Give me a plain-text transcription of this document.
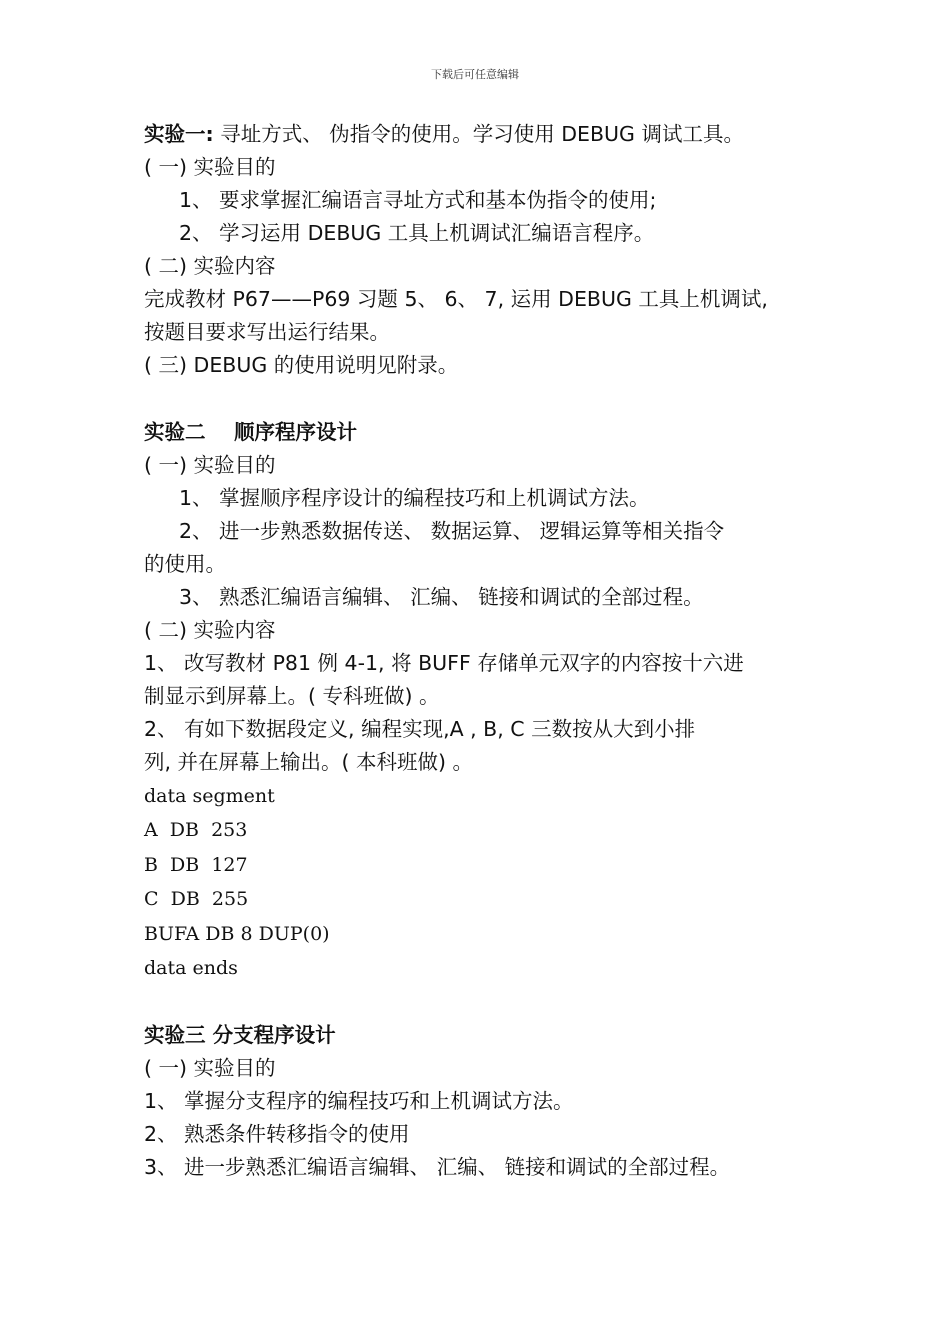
下载后可任意编辑
实验一: 寻址方式、 伪指令的使用。学习使用 DEBUG 调试工具。
( 一) 实验目的
1、 要求掌握汇编语言寻址方式和基本伪指令的使用;
2、 学习运用 DEBUG 工具上机调试汇编语言程序。
( 二) 实验内容
完成教材 P67——P69 习题 5、 6、 7, 运用 DEBUG 工具上机调试,
按题目要求写出运行结果。
( 三) DEBUG 的使用说明见附录。
实验二    顺序程序设计
( 一) 实验目的
1、 掌握顺序程序设计的编程技巧和上机调试方法。
2、 进一步熟悉数据传送、 数据运算、 逻辑运算等相关指令
的使用。
3、 熟悉汇编语言编辑、 汇编、 链接和调试的全部过程。
( 二) 实验内容
1、 改写教材 P81 例 4-1, 将 BUFF 存储单元双字的内容按十六进
制显示到屏幕上。( 专科班做) 。
2、 有如下数据段定义, 编程实现,A , B, C 三数按从大到小排
列, 并在屏幕上输出。( 本科班做) 。
data segment
A  DB  253
B  DB  127
C  DB  255
BUFA DB 8 DUP(0)
data ends
实验三 分支程序设计
( 一) 实验目的
1、 掌握分支程序的编程技巧和上机调试方法。
2、 熟悉条件转移指令的使用
3、 进一步熟悉汇编语言编辑、 汇编、 链接和调试的全部过程。
